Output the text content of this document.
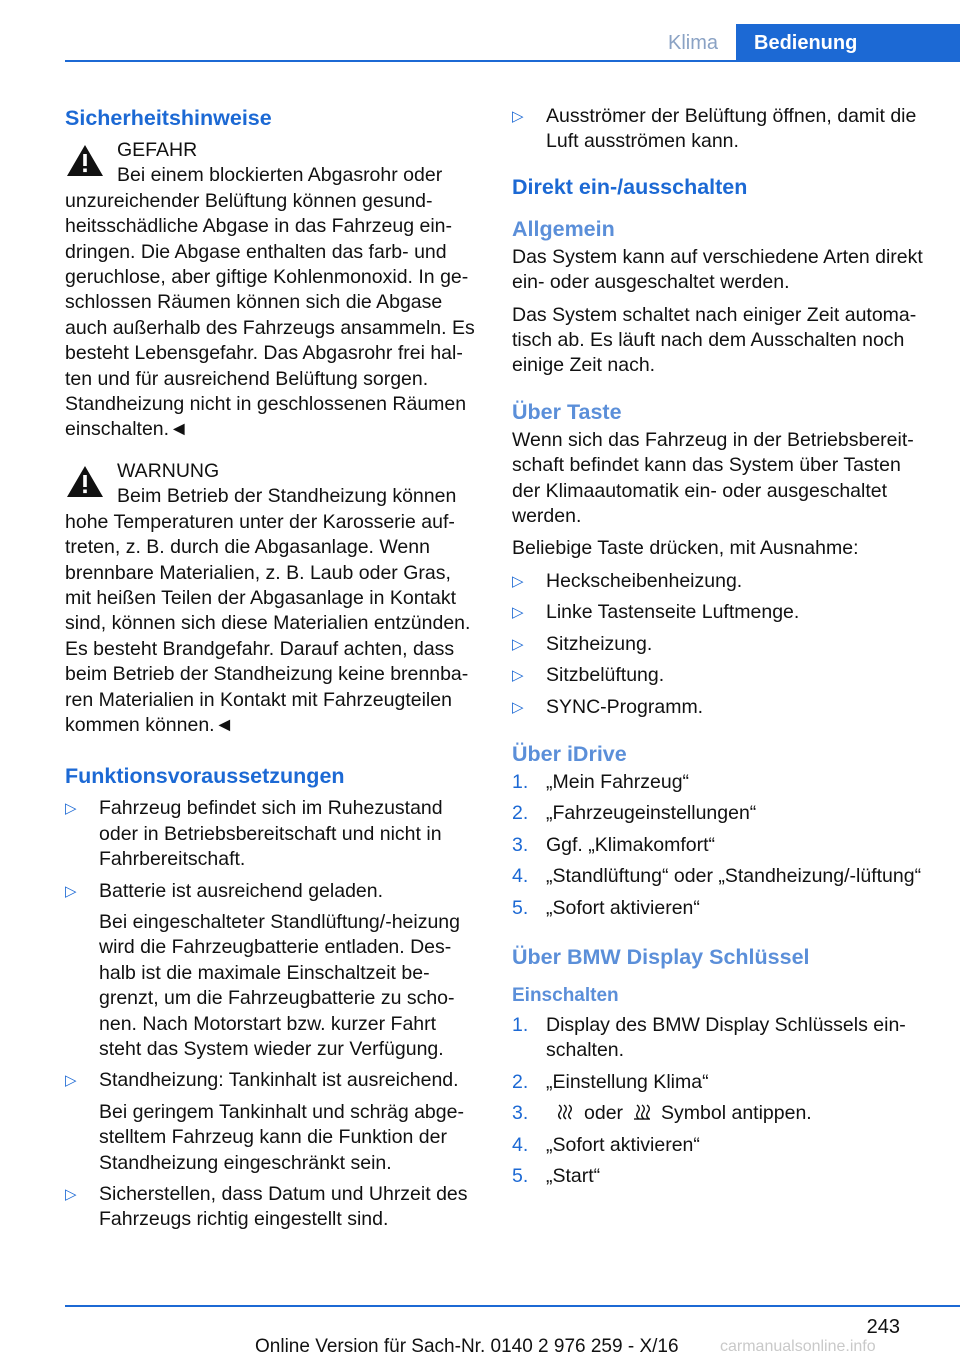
Klima	Bedienung
Sicherheitshinweise
GEFAHR
Bei einem blockierten Abgasrohr oder unzureichender Belüftung können gesundheitsschädliche Abgase in das Fahrzeug eindringen. Die Abgase enthalten das farb- und geruchlose, aber giftige Kohlenmonoxid. In geschlossen Räumen können sich die Abgase auch außerhalb des Fahrzeugs ansammeln. Es besteht Lebensgefahr. Das Abgasrohr frei halten und für ausreichend Belüftung sorgen. Standheizung nicht in geschlossenen Räumen einschalten.◄
WARNUNG
Beim Betrieb der Standheizung können hohe Temperaturen unter der Karosserie auftreten, z. B. durch die Abgasanlage. Wenn brennbare Materialien, z. B. Laub oder Gras, mit heißen Teilen der Abgasanlage in Kontakt sind, können sich diese Materialien entzünden. Es besteht Brandgefahr. Darauf achten, dass beim Betrieb der Standheizung keine brennbaren Materialien in Kontakt mit Fahrzeugteilen kommen können.◄
Funktionsvoraussetzungen
▷ Fahrzeug befindet sich im Ruhezustand oder in Betriebsbereitschaft und nicht in Fahrbereitschaft.
▷ Batterie ist ausreichend geladen.
Bei eingeschalteter Standlüftung/-heizung wird die Fahrzeugbatterie entladen. Deshalb ist die maximale Einschaltzeit begrenzt, um die Fahrzeugbatterie zu schonen. Nach Motorstart bzw. kurzer Fahrt steht das System wieder zur Verfügung.
▷ Standheizung: Tankinhalt ist ausreichend.
Bei geringem Tankinhalt und schräg abgestelltem Fahrzeug kann die Funktion der Standheizung eingeschränkt sein.
▷ Sicherstellen, dass Datum und Uhrzeit des Fahrzeugs richtig eingestellt sind.
▷ Ausströmer der Belüftung öffnen, damit die Luft ausströmen kann.
Direkt ein-/ausschalten
Allgemein

Das System kann auf verschiedene Arten direkt ein- oder ausgeschaltet werden.

Das System schaltet nach einiger Zeit automatisch ab. Es läuft nach dem Ausschalten noch einige Zeit nach.

Über Taste

Wenn sich das Fahrzeug in der Betriebsbereitschaft befindet kann das System über Tasten der Klimaautomatik ein- oder ausgeschaltet werden.

Beliebige Taste drücken, mit Ausnahme:

▷ Heckscheibenheizung.
▷ Linke Tastenseite Luftmenge.
▷ Sitzheizung.
▷ Sitzbelüftung.
▷ SYNC-Programm.
Über iDrive
1. „Mein Fahrzeug“
2. „Fahrzeugeinstellungen“
3. Ggf. „Klimakomfort“
4. „Standlüftung“ oder „Standheizung/-lüftung“
5. „Sofort aktivieren“
Über BMW Display Schlüssel
Einschalten
1. Display des BMW Display Schlüssels einschalten.
2. „Einstellung Klima“
3.	oder Symbol antippen.
4. „Sofort aktivieren“
5. „Start“
243
Online Version für Sach-Nr. 0140 2 976 259 - X/16	carmanualsonline.info
